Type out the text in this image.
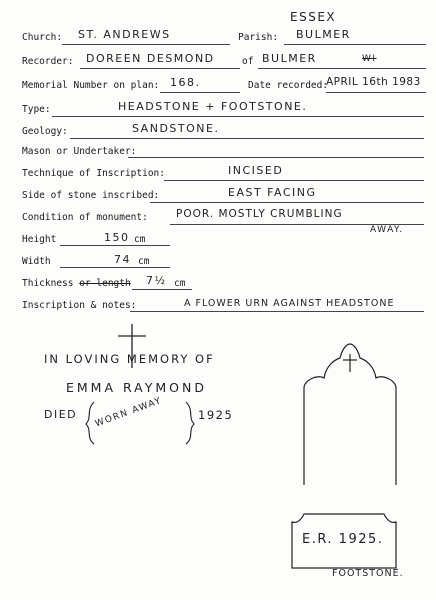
ESSEX
Church: ST. ANDREWS	Parish: BULMER
Recorder: DOREEN DESMOND	of BULMER	WI
Memorial Number on plan: 168.	Date recorded:
APRIL 16th 1983
Type:	HEADSTONE + FOOTSTONE.
Geology:	SANDSTONE.
Mason or Undertaker:
Technique of Inscription:	INCISED
Side of stone inscribed:	EAST FACING
Condition of monument:	POOR. MOSTLY CRUMBLING
AWAY.
Height	150 cm
Width	74 cm
Thickness or length 7½ cm
Inscription & notes:	A FLOWER URN AGAINST HEADSTONE
IN LOVING MEMORY OF
EMMA RAYMOND
DIED WORN AWAY	1925
E.R. 1925.
FOOTSTONE.
